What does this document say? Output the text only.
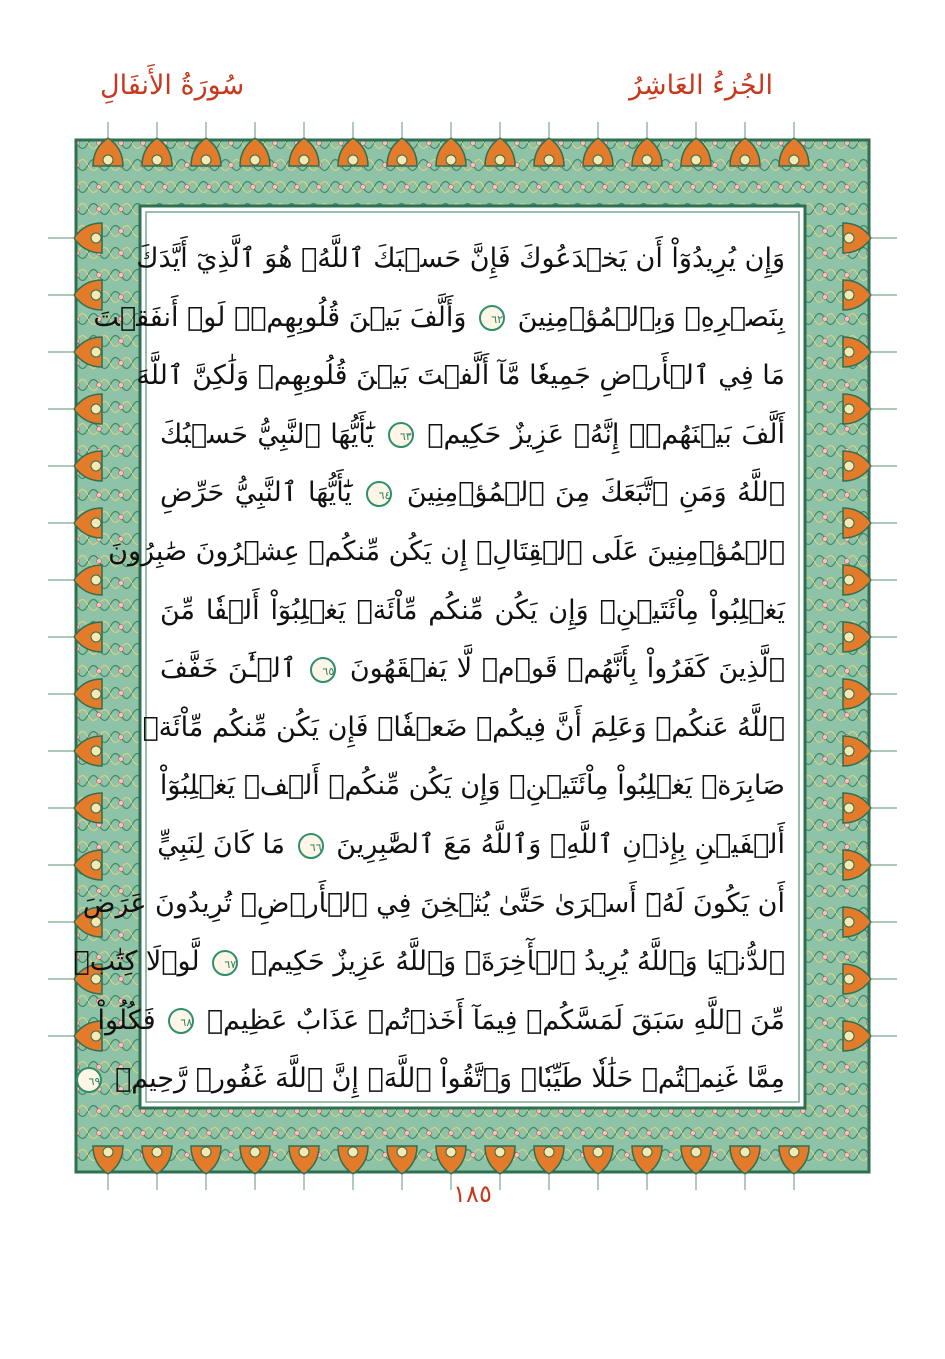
سُورَةُ الأَنفَالِ	الجُزءُ العَاشِرُ
وَإِن يُرِيدُوٓاْ أَن يَخۡدَعُوكَ فَإِنَّ حَسۡبَكَ ٱللَّهُۚ هُوَ ٱلَّذِيٓ أَيَّدَكَ
بِنَصۡرِهِۦ وَبِٱلۡمُؤۡمِنِينَ ٦٢ وَأَلَّفَ بَيۡنَ قُلُوبِهِمۡۚ لَوۡ أَنفَقۡتَ
مَا فِي ٱلۡأَرۡضِ جَمِيعٗا مَّآ أَلَّفۡتَ بَيۡنَ قُلُوبِهِمۡ وَلَٰكِنَّ ٱللَّهَ
أَلَّفَ بَيۡنَهُمۡۚ إِنَّهُۥ عَزِيزٌ حَكِيمٞ ٦٣ يَٰٓأَيُّهَا ٱلنَّبِيُّ حَسۡبُكَ
ٱللَّهُ وَمَنِ ٱتَّبَعَكَ مِنَ ٱلۡمُؤۡمِنِينَ ٦٤ يَٰٓأَيُّهَا ٱلنَّبِيُّ حَرِّضِ
ٱلۡمُؤۡمِنِينَ عَلَى ٱلۡقِتَالِۚ إِن يَكُن مِّنكُمۡ عِشۡرُونَ صَٰبِرُونَ
يَغۡلِبُواْ مِاْئَتَيۡنِۚ وَإِن يَكُن مِّنكُم مِّاْئَةٞ يَغۡلِبُوٓاْ أَلۡفٗا مِّنَ
ٱلَّذِينَ كَفَرُواْ بِأَنَّهُمۡ قَوۡمٞ لَّا يَفۡقَهُونَ ٦٥ ٱلۡـَٰٔنَ خَفَّفَ
ٱللَّهُ عَنكُمۡ وَعَلِمَ أَنَّ فِيكُمۡ ضَعۡفٗاۚ فَإِن يَكُن مِّنكُم مِّاْئَةٞ
صَابِرَةٞ يَغۡلِبُواْ مِاْئَتَيۡنِۚ وَإِن يَكُن مِّنكُمۡ أَلۡفٞ يَغۡلِبُوٓاْ
أَلۡفَيۡنِ بِإِذۡنِ ٱللَّهِۗ وَٱللَّهُ مَعَ ٱلصَّٰبِرِينَ ٦٦ مَا كَانَ لِنَبِيٍّ
أَن يَكُونَ لَهُۥٓ أَسۡرَىٰ حَتَّىٰ يُثۡخِنَ فِي ٱلۡأَرۡضِۚ تُرِيدُونَ عَرَضَ
ٱلدُّنۡيَا وَٱللَّهُ يُرِيدُ ٱلۡأٓخِرَةَۗ وَٱللَّهُ عَزِيزٌ حَكِيمٞ ٦٧ لَّوۡلَا كِتَٰبٞ
مِّنَ ٱللَّهِ سَبَقَ لَمَسَّكُمۡ فِيمَآ أَخَذۡتُمۡ عَذَابٌ عَظِيمٞ ٦٨ فَكُلُواْ
مِمَّا غَنِمۡتُمۡ حَلَٰلٗا طَيِّبٗاۚ وَٱتَّقُواْ ٱللَّهَۚ إِنَّ ٱللَّهَ غَفُورٞ رَّحِيمٞ ٦٩
١٨٥
